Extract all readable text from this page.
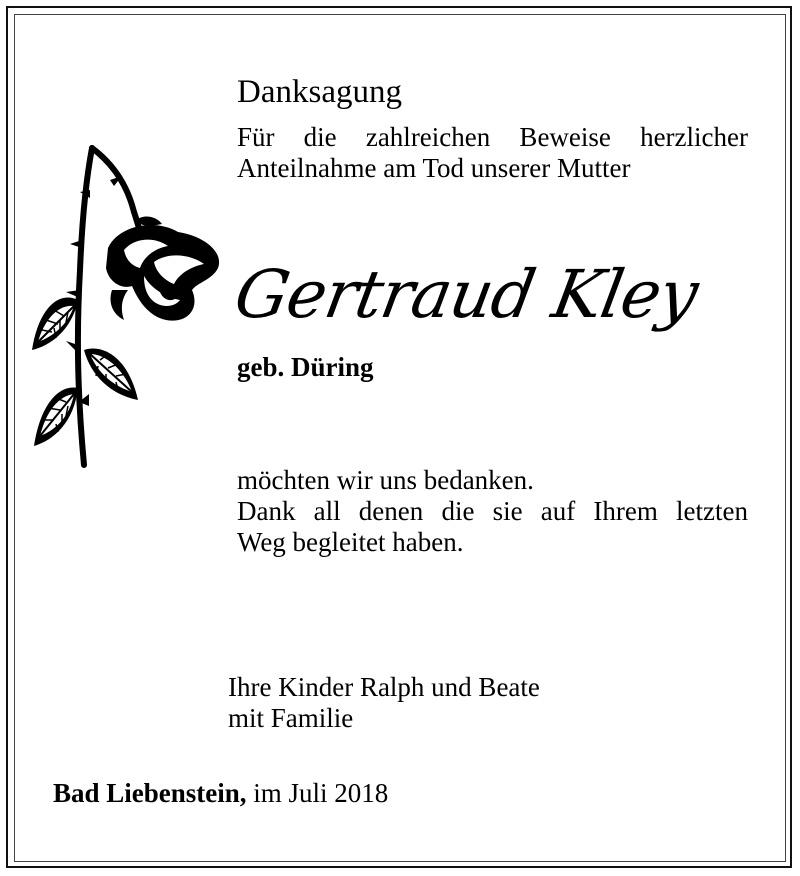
Danksagung
Für die zahlreichen Beweise herzlicher
Anteilnahme am Tod unserer Mutter
Gertraud Kley
geb. Düring
möchten wir uns bedanken.
Dank all denen die sie auf Ihrem letzten
Weg begleitet haben.
Ihre Kinder Ralph und Beate
mit Familie
Bad Liebenstein, im Juli 2018
